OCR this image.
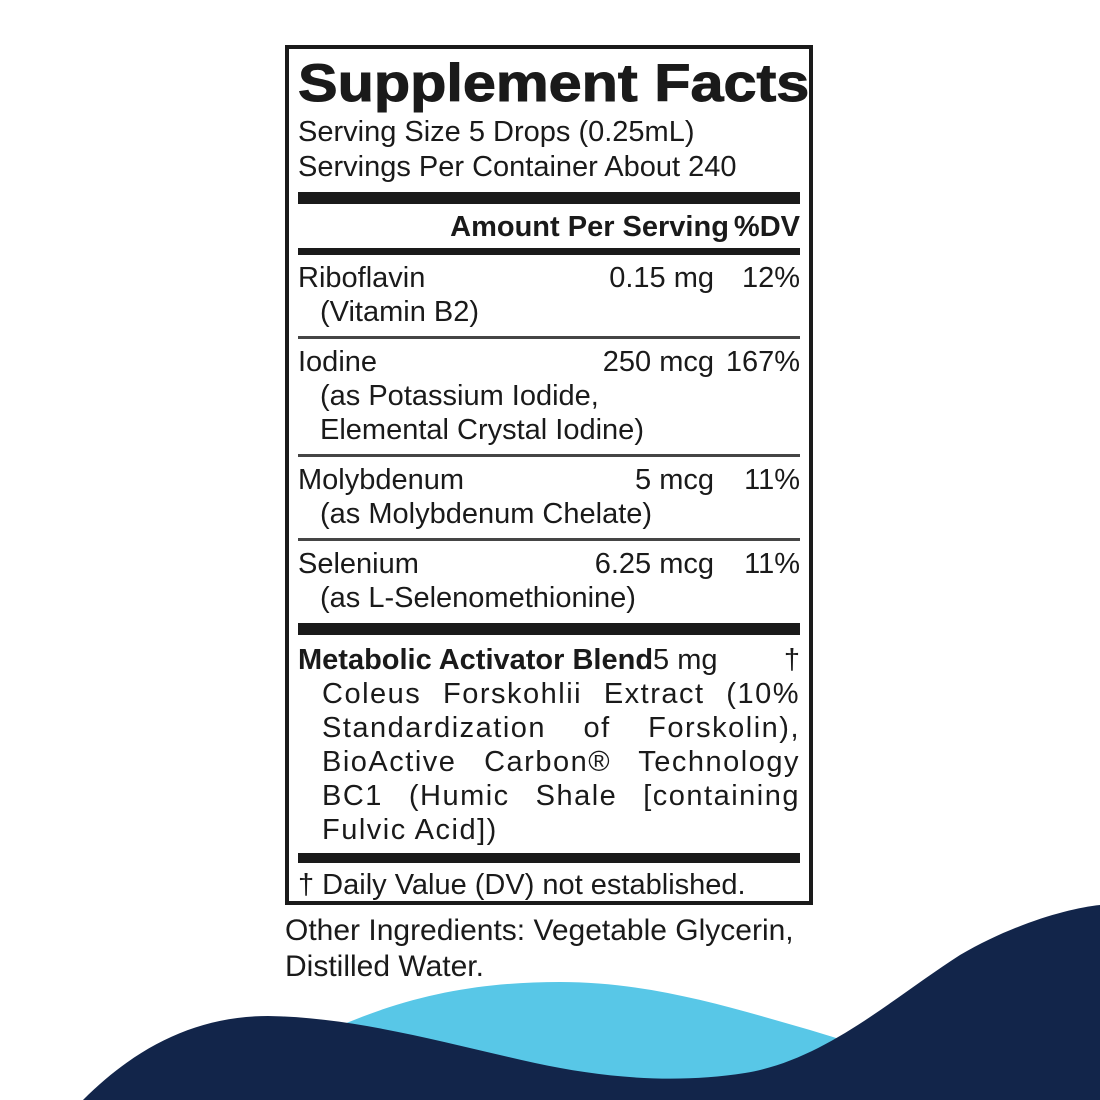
Supplement Facts
Serving Size 5 Drops (0.25mL)
Servings Per Container About 240
Amount Per Serving %DV
Riboflavin	0.15 mg 12%
(Vitamin B2)
Iodine	250 mcg 167%
(as Potassium Iodide,
Elemental Crystal Iodine)
Molybdenum	5 mcg	11%
(as Molybdenum Chelate)
Selenium	6.25 mcg	11%
(as L-Selenomethionine)
Metabolic Activator Blend 5 mg	†
Coleus Forskohlii Extract (10%
Standardization of Forskolin),
BioActive Carbon® Technology
BC1 (Humic Shale [containing
Fulvic Acid])
† Daily Value (DV) not established.
Other Ingredients: Vegetable Glycerin,
Distilled Water.
